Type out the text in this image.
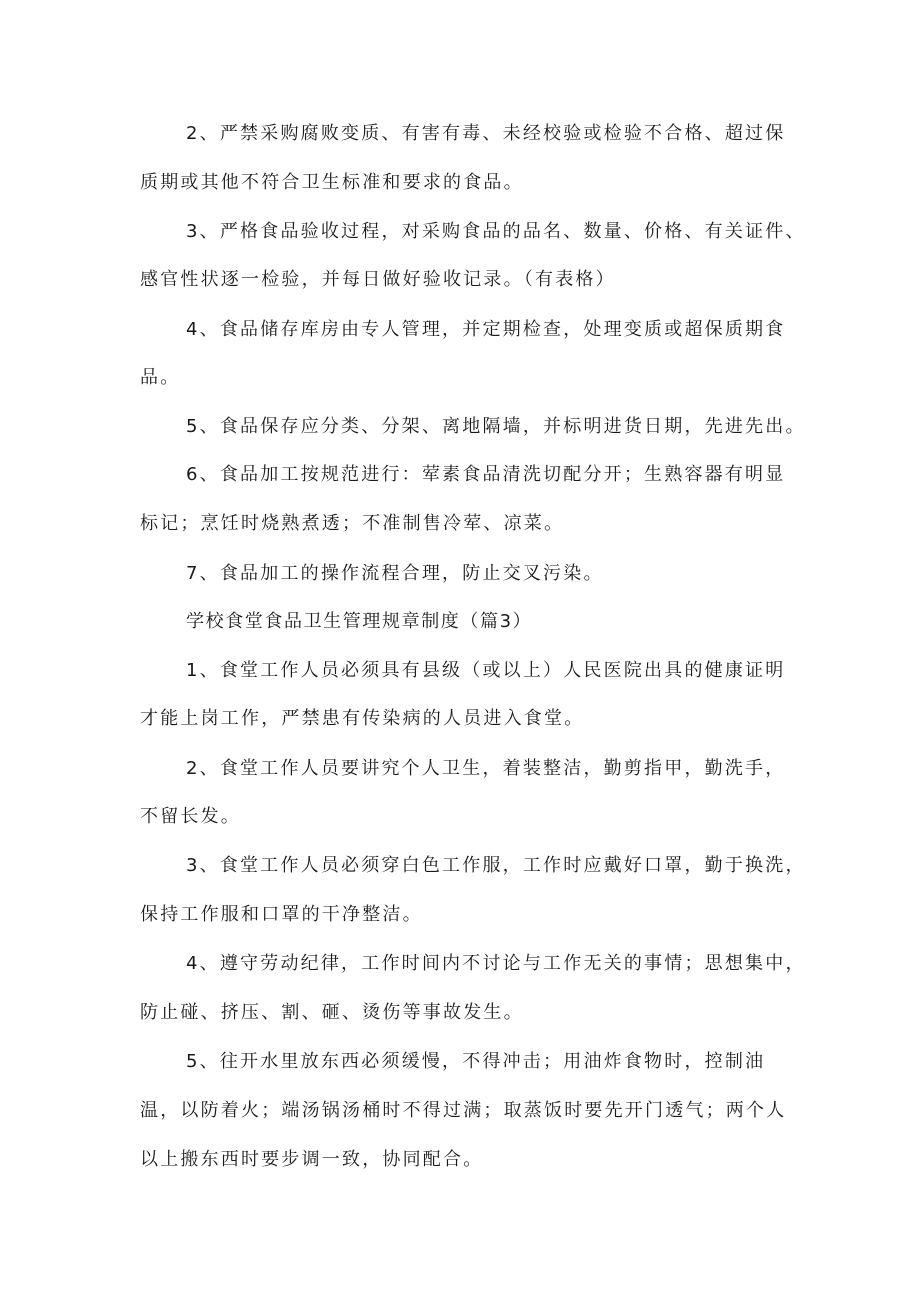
2、严禁采购腐败变质、有害有毒、未经校验或检验不合格、超过保

质期或其他不符合卫生标准和要求的食品。

3、严格食品验收过程，对采购食品的品名、数量、价格、有关证件、

感官性状逐一检验，并每日做好验收记录。（有表格）

4、食品储存库房由专人管理，并定期检查，处理变质或超保质期食

品。

5、食品保存应分类、分架、离地隔墙，并标明进货日期，先进先出。

6、食品加工按规范进行：荤素食品清洗切配分开；生熟容器有明显

标记；烹饪时烧熟煮透；不准制售冷荤、凉菜。

7、食品加工的操作流程合理，防止交叉污染。

学校食堂食品卫生管理规章制度（篇3）

1、食堂工作人员必须具有县级（或以上）人民医院出具的健康证明

才能上岗工作，严禁患有传染病的人员进入食堂。

2、食堂工作人员要讲究个人卫生，着装整洁，勤剪指甲，勤洗手，

不留长发。

3、食堂工作人员必须穿白色工作服，工作时应戴好口罩，勤于换洗，

保持工作服和口罩的干净整洁。

4、遵守劳动纪律，工作时间内不讨论与工作无关的事情；思想集中，

防止碰、挤压、割、砸、烫伤等事故发生。

5、往开水里放东西必须缓慢，不得冲击；用油炸食物时，控制油

温，以防着火；端汤锅汤桶时不得过满；取蒸饭时要先开门透气；两个人

以上搬东西时要步调一致，协同配合。
